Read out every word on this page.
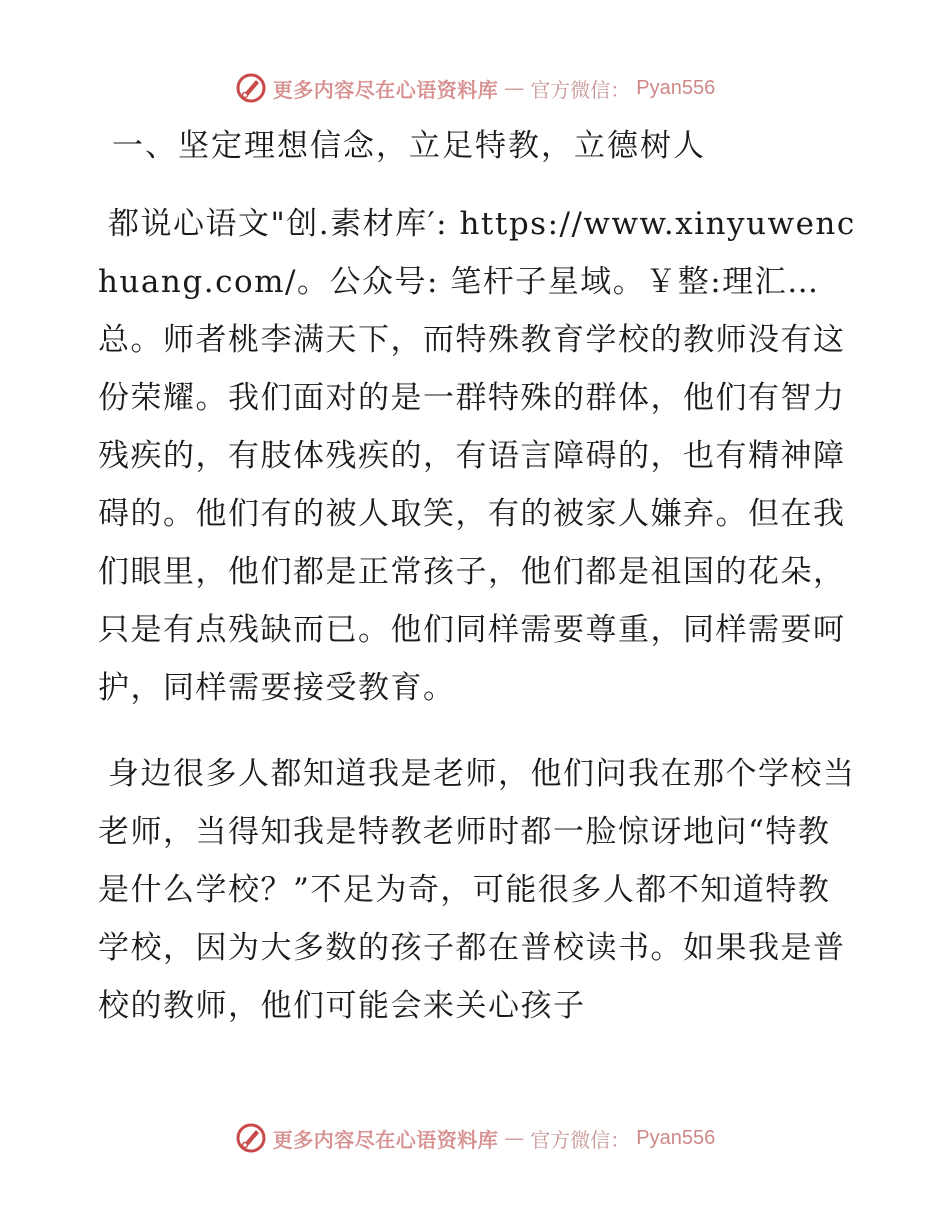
更多内容尽在心语资料库 — 官方微信： Pyan556
一、坚定理想信念，立足特教，立德树人

都说心语文"创.素材库′: https://www.xinyuwenchuang.com/。公众号: 笔杆子星域。￥整:理汇…总。师者桃李满天下，而特殊教育学校的教师没有这份荣耀。我们面对的是一群特殊的群体，他们有智力残疾的，有肢体残疾的，有语言障碍的，也有精神障碍的。他们有的被人取笑，有的被家人嫌弃。但在我们眼里，他们都是正常孩子，他们都是祖国的花朵，只是有点残缺而已。他们同样需要尊重，同样需要呵护，同样需要接受教育。

身边很多人都知道我是老师，他们问我在那个学校当老师，当得知我是特教老师时都一脸惊讶地问“特教是什么学校？”不足为奇，可能很多人都不知道特教学校，因为大多数的孩子都在普校读书。如果我是普校的教师，他们可能会来关心孩子

更多内容尽在心语资料库 — 官方微信： Pyan556
